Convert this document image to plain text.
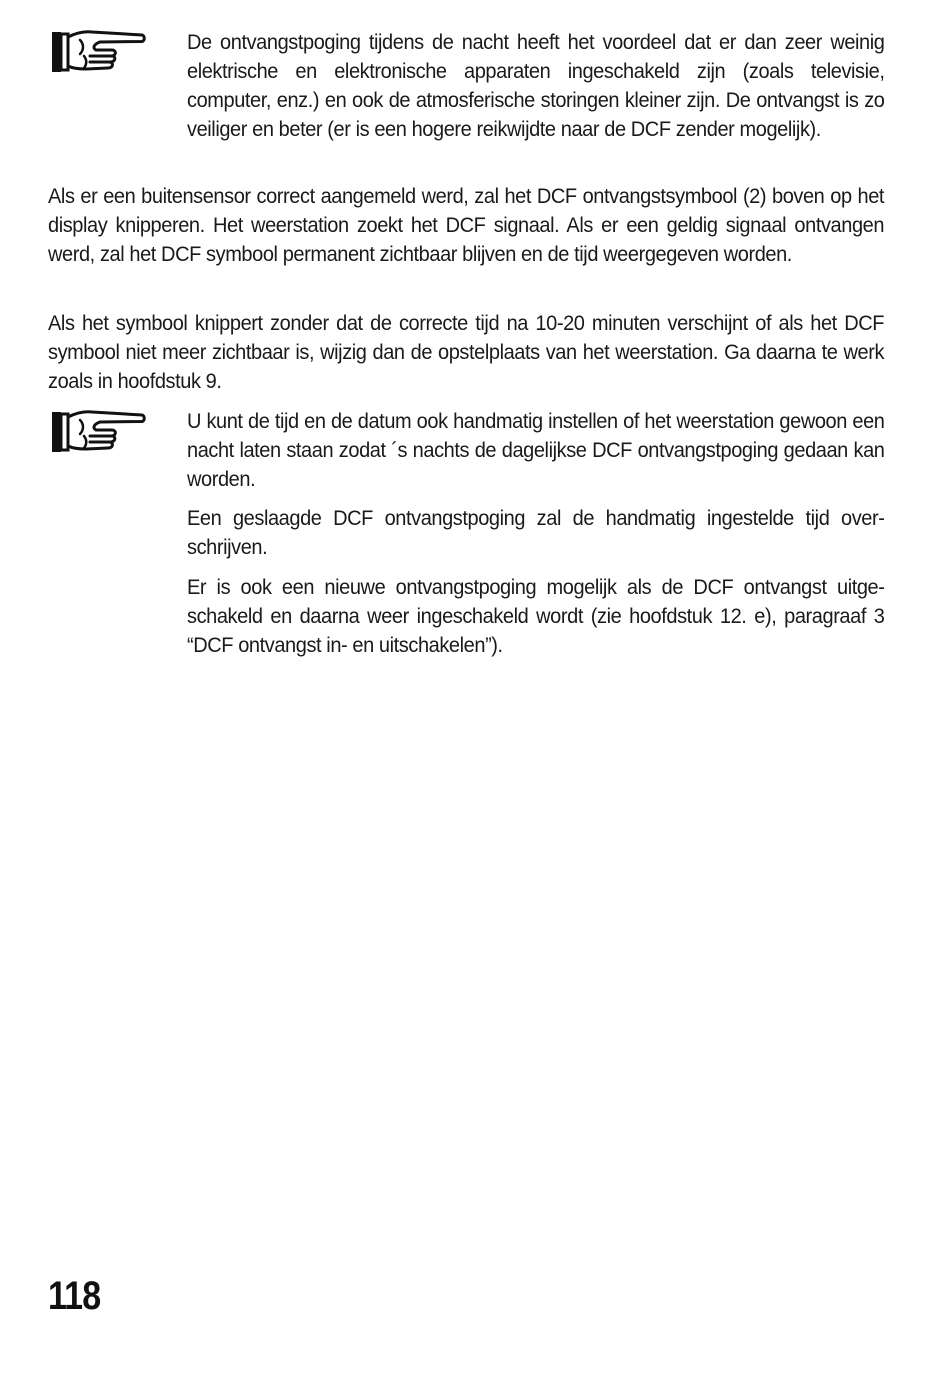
De ontvangstpoging tijdens de nacht heeft het voordeel dat er dan zeer weinig elektrische en elektronische apparaten ingeschakeld zijn (zoals televisie, computer, enz.) en ook de atmosferische storingen kleiner zijn. De ontvangst is zo veiliger en beter (er is een hogere reikwijdte naar de DCF zender mogelijk).

Als er een buitensensor correct aangemeld werd, zal het DCF ontvangstsymbool (2) boven op het display knipperen. Het weerstation zoekt het DCF signaal. Als er een geldig signaal ontvangen werd, zal het DCF symbool permanent zichtbaar blijven en de tijd weergegeven worden.

Als het symbool knippert zonder dat de correcte tijd na 10-20 minuten verschijnt of als het DCF symbool niet meer zichtbaar is, wijzig dan de opstelplaats van het weerstation. Ga daarna te werk zoals in hoofdstuk 9.

U kunt de tijd en de datum ook handmatig instellen of het weerstation gewoon een nacht laten staan zodat ´s nachts de dagelijkse DCF ontvangstpoging gedaan kan worden.

Een geslaagde DCF ontvangstpoging zal de handmatig ingestelde tijd over-schrijven.

Er is ook een nieuwe ontvangstpoging mogelijk als de DCF ontvangst uitge-schakeld en daarna weer ingeschakeld wordt (zie hoofdstuk 12. e), paragraaf 3 “DCF ontvangst in- en uitschakelen”).

118
